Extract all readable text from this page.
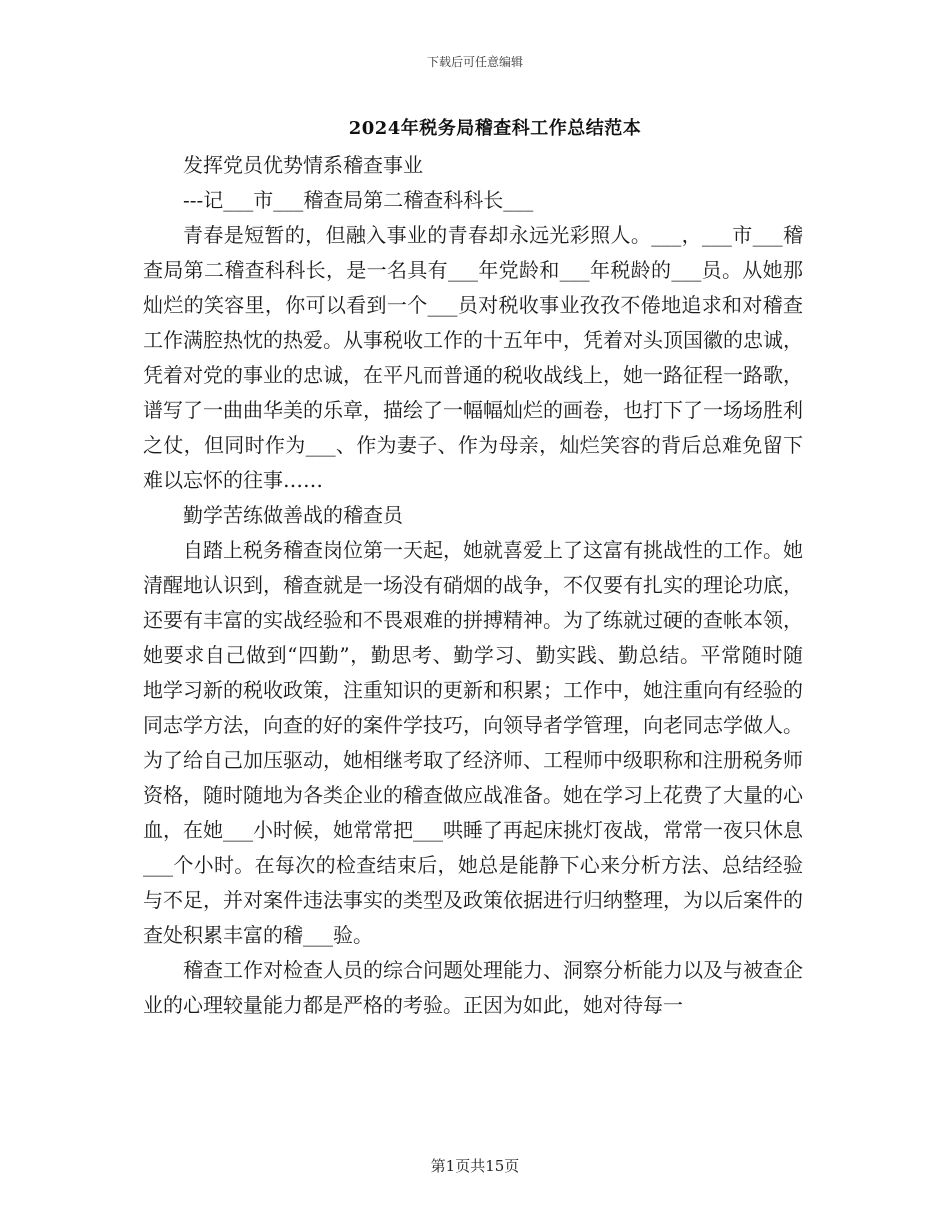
下载后可任意编辑
2024年税务局稽查科工作总结范本

发挥党员优势情系稽查事业

---记___市___稽查局第二稽查科科长___

青春是短暂的，但融入事业的青春却永远光彩照人。___，___市___稽查局第二稽查科科长，是一名具有___年党龄和___年税龄的___员。从她那灿烂的笑容里，你可以看到一个___员对税收事业孜孜不倦地追求和对稽查工作满腔热忱的热爱。从事税收工作的十五年中，凭着对头顶国徽的忠诚，凭着对党的事业的忠诚，在平凡而普通的税收战线上，她一路征程一路歌，谱写了一曲曲华美的乐章，描绘了一幅幅灿烂的画卷，也打下了一场场胜利之仗，但同时作为___、作为妻子、作为母亲，灿烂笑容的背后总难免留下难以忘怀的往事……

勤学苦练做善战的稽查员

自踏上税务稽查岗位第一天起，她就喜爱上了这富有挑战性的工作。她清醒地认识到，稽查就是一场没有硝烟的战争，不仅要有扎实的理论功底，还要有丰富的实战经验和不畏艰难的拼搏精神。为了练就过硬的查帐本领，她要求自己做到“四勤”，勤思考、勤学习、勤实践、勤总结。平常随时随地学习新的税收政策，注重知识的更新和积累；工作中，她注重向有经验的同志学方法，向查的好的案件学技巧，向领导者学管理，向老同志学做人。为了给自己加压驱动，她相继考取了经济师、工程师中级职称和注册税务师资格，随时随地为各类企业的稽查做应战准备。她在学习上花费了大量的心血，在她___小时候，她常常把___哄睡了再起床挑灯夜战，常常一夜只休息___个小时。在每次的检查结束后，她总是能静下心来分析方法、总结经验与不足，并对案件违法事实的类型及政策依据进行归纳整理，为以后案件的查处积累丰富的稽___验。

稽查工作对检查人员的综合问题处理能力、洞察分析能力以及与被查企业的心理较量能力都是严格的考验。正因为如此，她对待每一

第1页共15页
